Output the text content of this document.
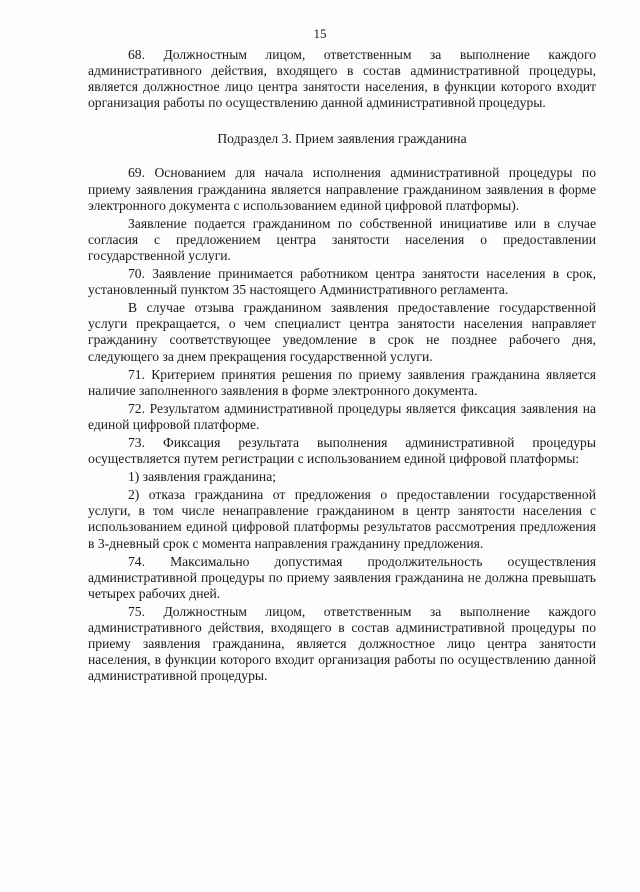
15

68. Должностным лицом, ответственным за выполнение каждого административного действия, входящего в состав административной процедуры, является должностное лицо центра занятости населения, в функции которого входит организация работы по осуществлению данной административной процедуры.

Подраздел 3. Прием заявления гражданина

69. Основанием для начала исполнения административной процедуры по приему заявления гражданина является направление гражданином заявления в форме электронного документа с использованием единой цифровой платформы).

Заявление подается гражданином по собственной инициативе или в случае согласия с предложением центра занятости населения о предоставлении государственной услуги.

70. Заявление принимается работником центра занятости населения в срок, установленный пунктом 35 настоящего Административного регламента.

В случае отзыва гражданином заявления предоставление государственной услуги прекращается, о чем специалист центра занятости населения направляет гражданину соответствующее уведомление в срок не позднее рабочего дня, следующего за днем прекращения государственной услуги.

71. Критерием принятия решения по приему заявления гражданина является наличие заполненного заявления в форме электронного документа.

72. Результатом административной процедуры является фиксация заявления на единой цифровой платформе.

73. Фиксация результата выполнения административной процедуры осуществляется путем регистрации с использованием единой цифровой платформы:

1) заявления гражданина;

2) отказа гражданина от предложения о предоставлении государственной услуги, в том числе ненаправление гражданином в центр занятости населения с использованием единой цифровой платформы результатов рассмотрения предложения в 3-дневный срок с момента направления гражданину предложения.

74. Максимально допустимая продолжительность осуществления административной процедуры по приему заявления гражданина не должна превышать четырех рабочих дней.

75. Должностным лицом, ответственным за выполнение каждого административного действия, входящего в состав административной процедуры по приему заявления гражданина, является должностное лицо центра занятости населения, в функции которого входит организация работы по осуществлению данной административной процедуры.
